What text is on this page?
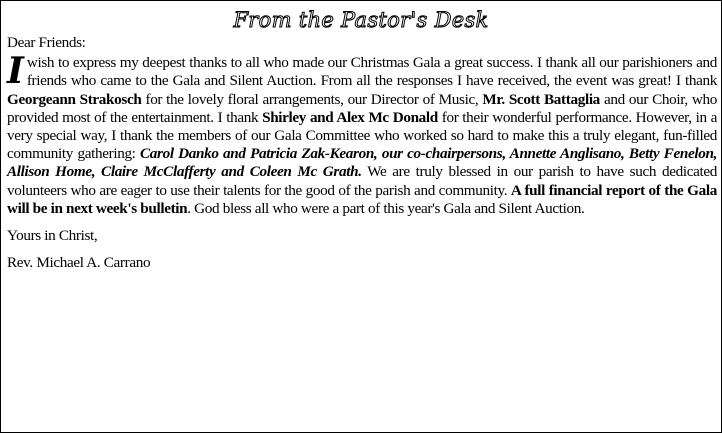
From the Pastor's Desk

Dear Friends:

I wish to express my deepest thanks to all who made our Christmas Gala a great success. I thank all our parishioners and friends who came to the Gala and Silent Auction. From all the responses I have received, the event was great! I thank Georgeann Strakosch for the lovely floral arrangements, our Director of Music, Mr. Scott Battaglia and our Choir, who provided most of the entertainment. I thank Shirley and Alex Mc Donald for their wonderful performance. However, in a very special way, I thank the members of our Gala Committee who worked so hard to make this a truly elegant, fun-filled community gathering: Carol Danko and Patricia Zak-Kearon, our co-chairpersons, Annette Anglisano, Betty Fenelon, Allison Home, Claire McClafferty and Coleen Mc Grath. We are truly blessed in our parish to have such dedicated volunteers who are eager to use their talents for the good of the parish and community. A full financial report of the Gala will be in next week's bulletin. God bless all who were a part of this year's Gala and Silent Auction.

Yours in Christ,

Rev. Michael A. Carrano
